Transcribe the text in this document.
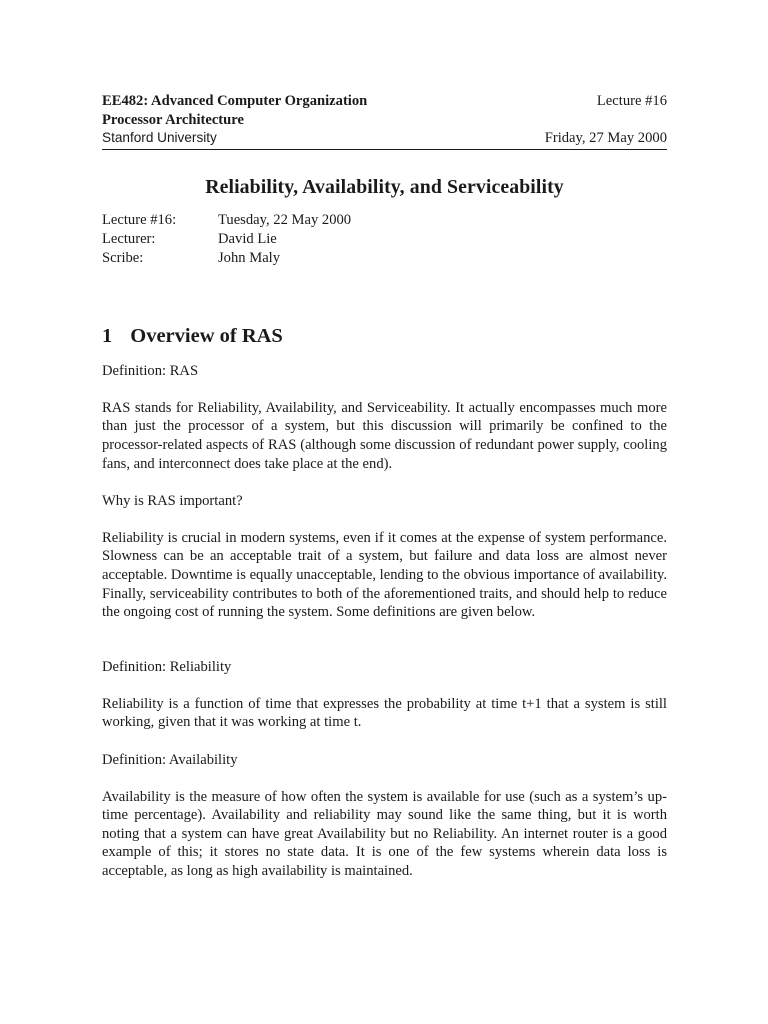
EE482: Advanced Computer Organization	Lecture #16
Processor Architecture
Stanford University	Friday, 27 May 2000
Reliability, Availability, and Serviceability
Lecture #16:	Tuesday, 22 May 2000
Lecturer:	David Lie
Scribe:	John Maly
1 Overview of RAS

Definition: RAS

RAS stands for Reliability, Availability, and Serviceability. It actually encompasses much more than just the processor of a system, but this discussion will primarily be confined to the processor-related aspects of RAS (although some discussion of redundant power supply, cooling fans, and interconnect does take place at the end).

Why is RAS important?

Reliability is crucial in modern systems, even if it comes at the expense of system performance. Slowness can be an acceptable trait of a system, but failure and data loss are almost never acceptable. Downtime is equally unacceptable, lending to the obvious importance of availability. Finally, serviceability contributes to both of the aforementioned traits, and should help to reduce the ongoing cost of running the system. Some definitions are given below.

Definition: Reliability

Reliability is a function of time that expresses the probability at time t+1 that a system is still working, given that it was working at time t.

Definition: Availability

Availability is the measure of how often the system is available for use (such as a system’s up-time percentage). Availability and reliability may sound like the same thing, but it is worth noting that a system can have great Availability but no Reliability. An internet router is a good example of this; it stores no state data. It is one of the few systems wherein data loss is acceptable, as long as high availability is maintained.
